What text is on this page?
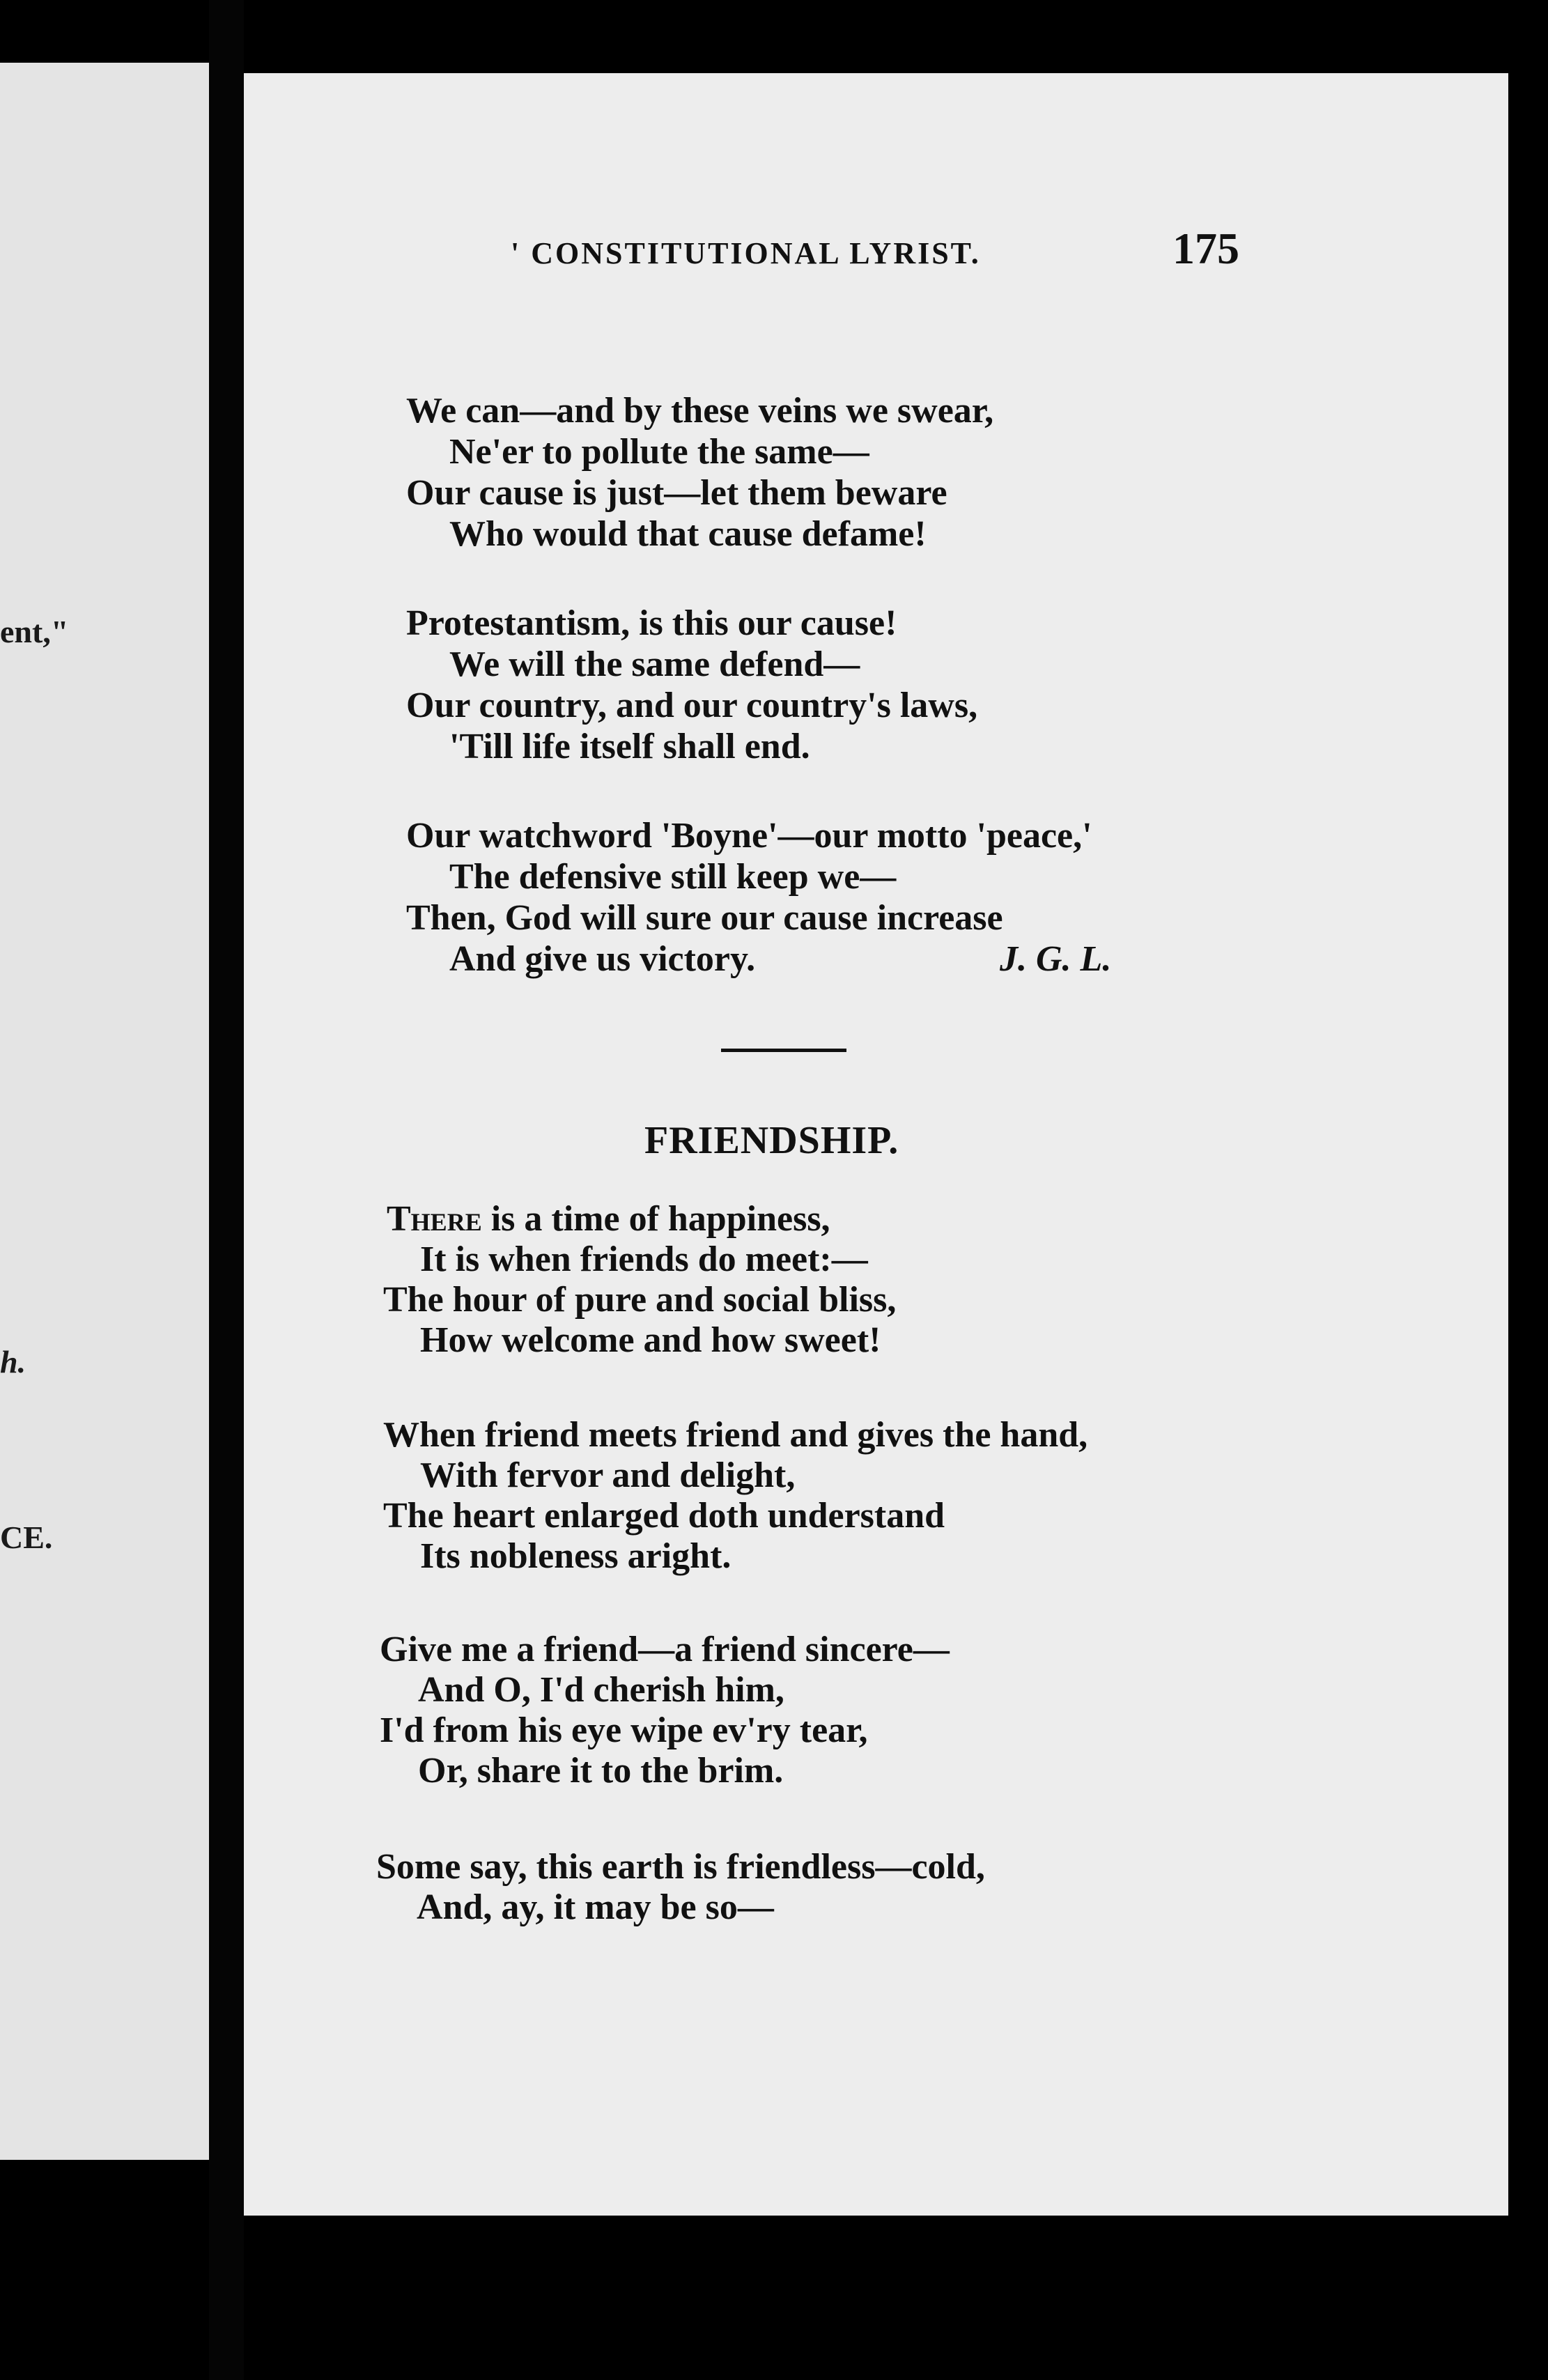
ent,"
h.
CE.
' CONSTITUTIONAL LYRIST.	175
We can—and by these veins we swear,
Ne'er to pollute the same—
Our cause is just—let them beware
Who would that cause defame!
Protestantism, is this our cause!
We will the same defend—
Our country, and our country's laws,
'Till life itself shall end.
Our watchword 'Boyne'—our motto 'peace,'
The defensive still keep we—
Then, God will sure our cause increase
And give us victory.	J. G. L.
FRIENDSHIP.
There is a time of happiness,
It is when friends do meet:—
The hour of pure and social bliss,
How welcome and how sweet!
When friend meets friend and gives the hand,
With fervor and delight,
The heart enlarged doth understand
Its nobleness aright.
Give me a friend—a friend sincere—
And O, I'd cherish him,
I'd from his eye wipe ev'ry tear,
Or, share it to the brim.
Some say, this earth is friendless—cold,
And, ay, it may be so—
